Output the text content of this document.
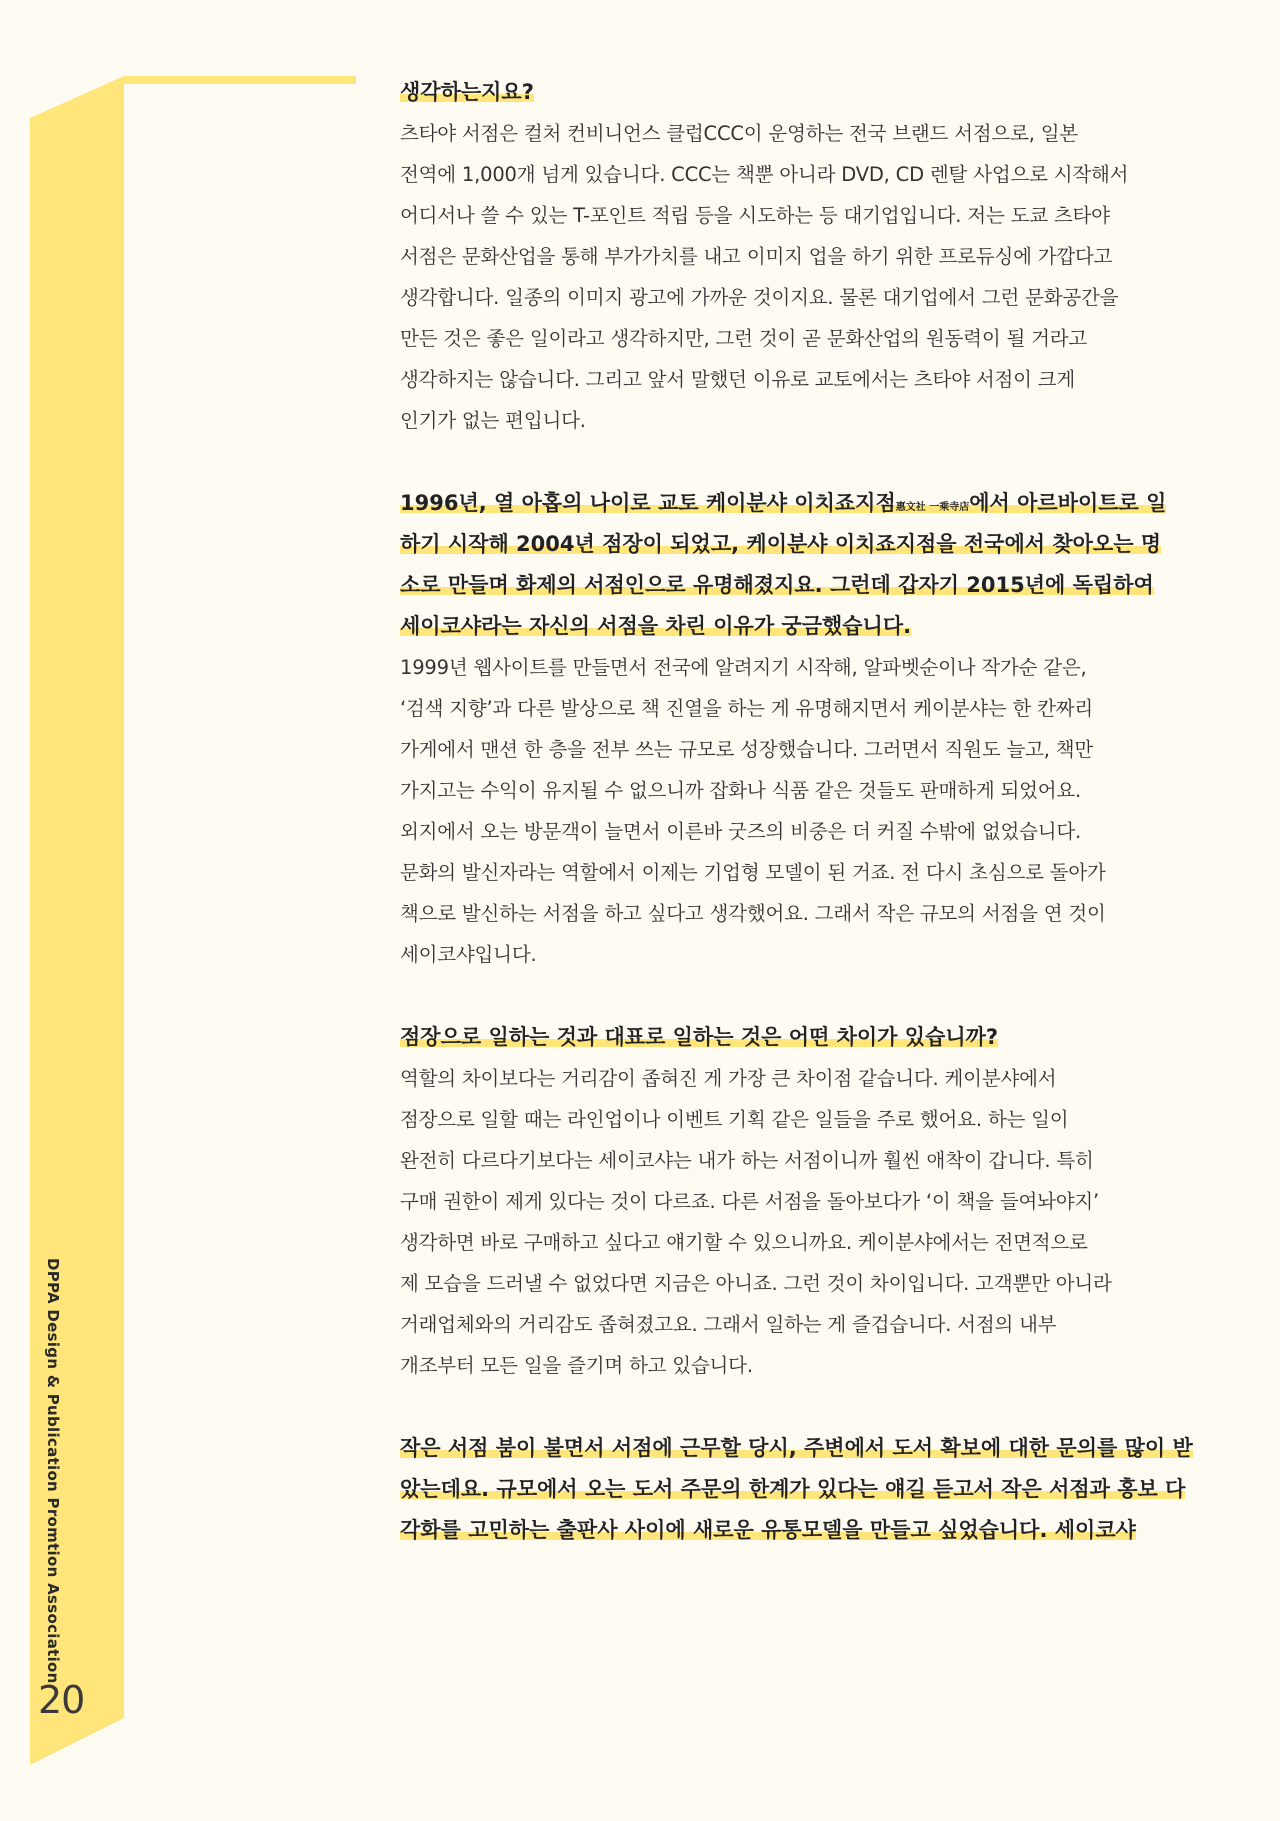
DPPA Design & Publication Promtion Association
20
생각하는지요?

츠타야 서점은 컬처 컨비니언스 클럽CCC이 운영하는 전국 브랜드 서점으로, 일본

전역에 1,000개 넘게 있습니다. CCC는 책뿐 아니라 DVD, CD 렌탈 사업으로 시작해서

어디서나 쓸 수 있는 T-포인트 적립 등을 시도하는 등 대기업입니다. 저는 도쿄 츠타야

서점은 문화산업을 통해 부가가치를 내고 이미지 업을 하기 위한 프로듀싱에 가깝다고

생각합니다. 일종의 이미지 광고에 가까운 것이지요. 물론 대기업에서 그런 문화공간을

만든 것은 좋은 일이라고 생각하지만, 그런 것이 곧 문화산업의 원동력이 될 거라고

생각하지는 않습니다. 그리고 앞서 말했던 이유로 교토에서는 츠타야 서점이 크게

인기가 없는 편입니다.

1996년, 열 아홉의 나이로 교토 케이분샤 이치죠지점$^{惠文社 一乘寺店}$에서 아르바이트로 일하기 시작해 2004년 점장이 되었고, 케이분샤 이치죠지점을 전국에서 찾아오는 명소로 만들며 화제의 서점인으로 유명해졌지요. 그런데 갑자기 2015년에 독립하여 세이코샤라는 자신의 서점을 차린 이유가 궁금했습니다.

1999년 웹사이트를 만들면서 전국에 알려지기 시작해, 알파벳순이나 작가순 같은,

‘검색 지향’과 다른 발상으로 책 진열을 하는 게 유명해지면서 케이분샤는 한 칸짜리

가게에서 맨션 한 층을 전부 쓰는 규모로 성장했습니다. 그러면서 직원도 늘고, 책만

가지고는 수익이 유지될 수 없으니까 잡화나 식품 같은 것들도 판매하게 되었어요.

외지에서 오는 방문객이 늘면서 이른바 굿즈의 비중은 더 커질 수밖에 없었습니다.

문화의 발신자라는 역할에서 이제는 기업형 모델이 된 거죠. 전 다시 초심으로 돌아가

책으로 발신하는 서점을 하고 싶다고 생각했어요. 그래서 작은 규모의 서점을 연 것이

세이코샤입니다.

점장으로 일하는 것과 대표로 일하는 것은 어떤 차이가 있습니까?

역할의 차이보다는 거리감이 좁혀진 게 가장 큰 차이점 같습니다. 케이분샤에서

점장으로 일할 때는 라인업이나 이벤트 기획 같은 일들을 주로 했어요. 하는 일이

완전히 다르다기보다는 세이코샤는 내가 하는 서점이니까 훨씬 애착이 갑니다. 특히

구매 권한이 제게 있다는 것이 다르죠. 다른 서점을 돌아보다가 ‘이 책을 들여놔야지’

생각하면 바로 구매하고 싶다고 얘기할 수 있으니까요. 케이분샤에서는 전면적으로

제 모습을 드러낼 수 없었다면 지금은 아니죠. 그런 것이 차이입니다. 고객뿐만 아니라

거래업체와의 거리감도 좁혀졌고요. 그래서 일하는 게 즐겁습니다. 서점의 내부

개조부터 모든 일을 즐기며 하고 있습니다.

작은 서점 붐이 불면서 서점에 근무할 당시, 주변에서 도서 확보에 대한 문의를 많이 받았는데요. 규모에서 오는 도서 주문의 한계가 있다는 얘길 듣고서 작은 서점과 홍보 다각화를 고민하는 출판사 사이에 새로운 유통모델을 만들고 싶었습니다. 세이코샤
